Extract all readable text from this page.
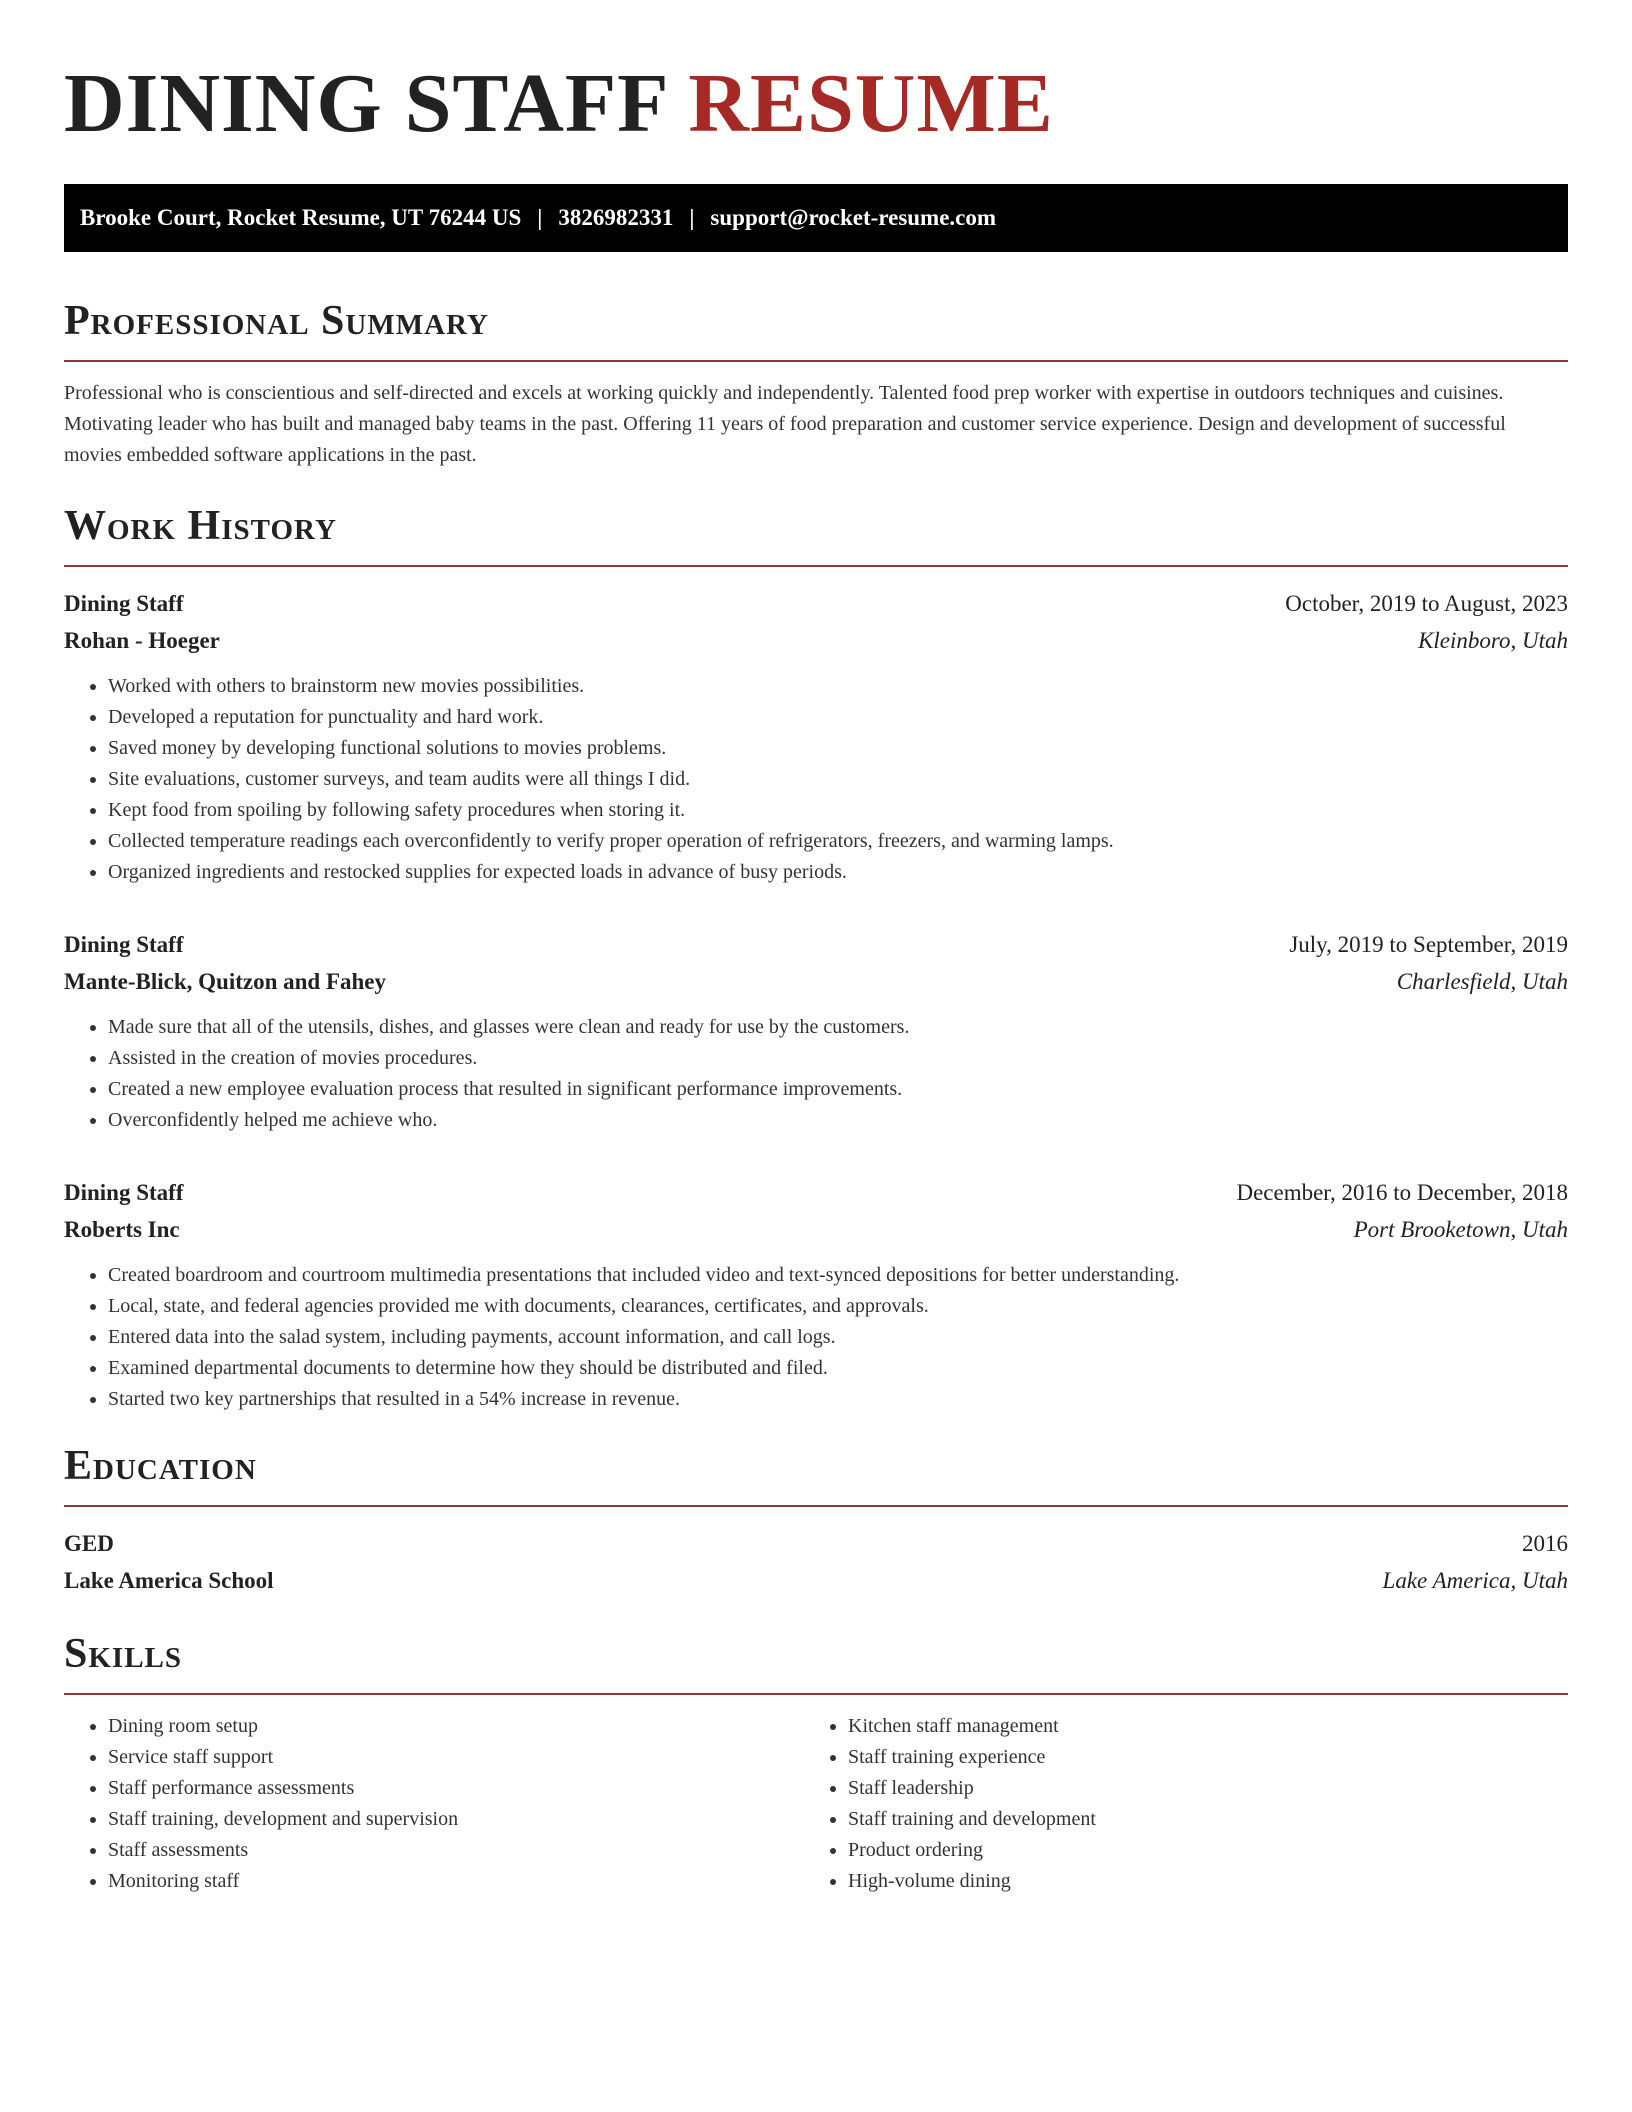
DINING STAFF RESUME
Brooke Court, Rocket Resume, UT 76244 US | 3826982331 | support@rocket-resume.com
Professional Summary

Professional who is conscientious and self-directed and excels at working quickly and independently. Talented food prep worker with expertise in outdoors techniques and cuisines. Motivating leader who has built and managed baby teams in the past. Offering 11 years of food preparation and customer service experience. Design and development of successful movies embedded software applications in the past.

Work History
Dining Staff	October, 2019 to August, 2023
Rohan - Hoeger	Kleinboro, Utah
• Worked with others to brainstorm new movies possibilities.
• Developed a reputation for punctuality and hard work.
• Saved money by developing functional solutions to movies problems.
• Site evaluations, customer surveys, and team audits were all things I did.
• Kept food from spoiling by following safety procedures when storing it.
• Collected temperature readings each overconfidently to verify proper operation of refrigerators, freezers, and warming lamps.
• Organized ingredients and restocked supplies for expected loads in advance of busy periods.
Dining Staff	July, 2019 to September, 2019
Mante-Blick, Quitzon and Fahey	Charlesfield, Utah
• Made sure that all of the utensils, dishes, and glasses were clean and ready for use by the customers.
• Assisted in the creation of movies procedures.
• Created a new employee evaluation process that resulted in significant performance improvements.
• Overconfidently helped me achieve who.
Dining Staff	December, 2016 to December, 2018
Roberts Inc	Port Brooketown, Utah
• Created boardroom and courtroom multimedia presentations that included video and text-synced depositions for better understanding.
• Local, state, and federal agencies provided me with documents, clearances, certificates, and approvals.
• Entered data into the salad system, including payments, account information, and call logs.
• Examined departmental documents to determine how they should be distributed and filed.
• Started two key partnerships that resulted in a 54% increase in revenue.
Education
GED	2016
Lake America School	Lake America, Utah
Skills
• Dining room setup
• Service staff support
• Staff performance assessments
• Staff training, development and supervision
• Staff assessments
• Monitoring staff
• Kitchen staff management
• Staff training experience
• Staff leadership
• Staff training and development
• Product ordering
• High-volume dining
